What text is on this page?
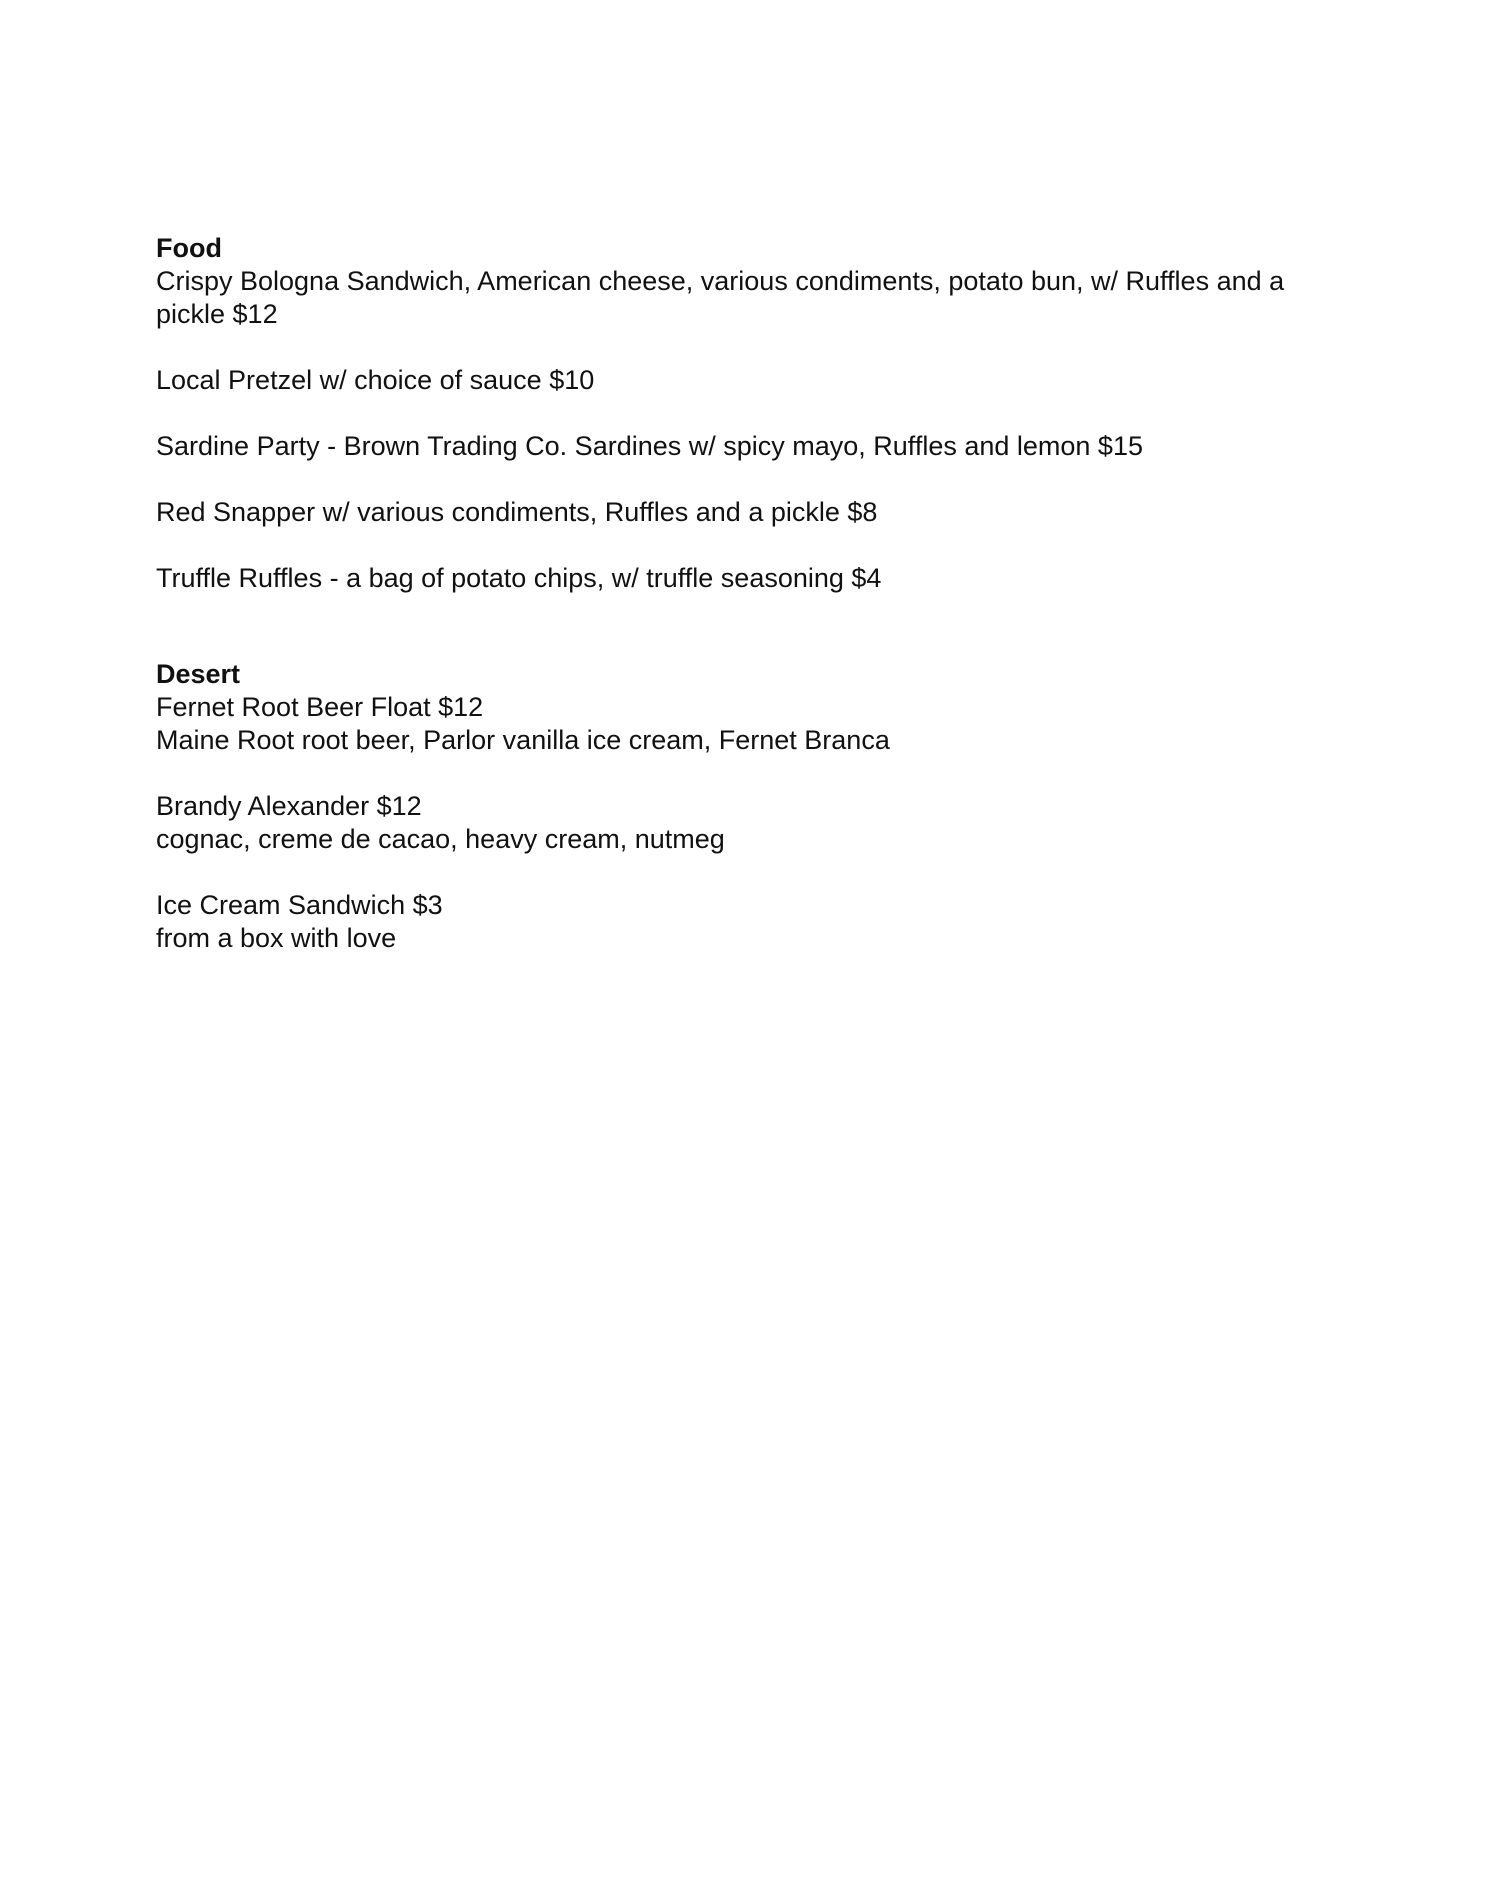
Food

Crispy Bologna Sandwich, American cheese, various condiments, potato bun, w/ Ruffles and a pickle $12

Local Pretzel w/ choice of sauce $10

Sardine Party - Brown Trading Co. Sardines w/ spicy mayo, Ruffles and lemon $15

Red Snapper w/ various condiments, Ruffles and a pickle $8

Truffle Ruffles - a bag of potato chips, w/ truffle seasoning $4

Desert

Fernet Root Beer Float $12
Maine Root root beer, Parlor vanilla ice cream, Fernet Branca
Brandy Alexander $12
cognac, creme de cacao, heavy cream, nutmeg
Ice Cream Sandwich $3
from a box with love
